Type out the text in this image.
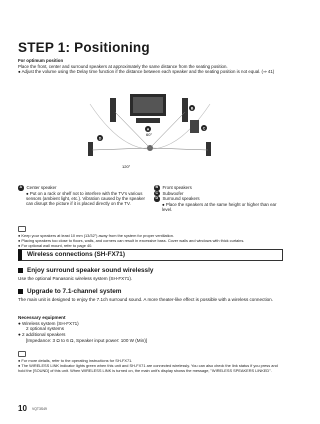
STEP 1: Positioning
For optimum position
Place the front, center and surround speakers at approximately the same distance from the seating position.
● Adjust the volume using the Delay time function if the distance between each speaker and the seating position is not equal. (⇒ 41)
60°
120°
A
B
C
D
A	Center speaker
● Put on a rack or shelf not to interfere with the TV's various sensors (ambient light, etc.). Vibration caused by the speaker can disrupt the picture if it is placed directly on the TV.
B	Front speakers
C	Subwoofer
D	Surround speakers
● Place the speakers at the same height or higher than ear level.
● Keep your speakers at least 10 mm (13/32") away from the system for proper ventilation.
● Placing speakers too close to floors, walls, and corners can result in excessive bass. Cover walls and windows with thick curtains.
● For optional wall mount, refer to page 40.
Wireless connections (SH-FX71)
Enjoy surround speaker sound wirelessly
Use the optional Panasonic wireless system (SH-FX71).
Upgrade to 7.1-channel system
The main unit is designed to enjoy the 7.1ch surround sound. A more theater-like effect is possible with a wireless connection.
Necessary equipment
● Wireless system (SH-FX71)
2 optional systems
● 2 additional speakers
[Impedance: 3 Ω to 6 Ω, Speaker input power: 100 W (Min)]
● For more details, refer to the operating instructions for SH-FX71.
● The WIRELESS LINK indicator lights green when this unit and SH-FX71 are connected wirelessly. You can also check the link status if you press and hold the [SOUND] of this unit. When WIRELESS LINK is turned on, the main unit's display shows the message, "WIRELESS SPEAKERS LINKED".
10 VQT3S49
